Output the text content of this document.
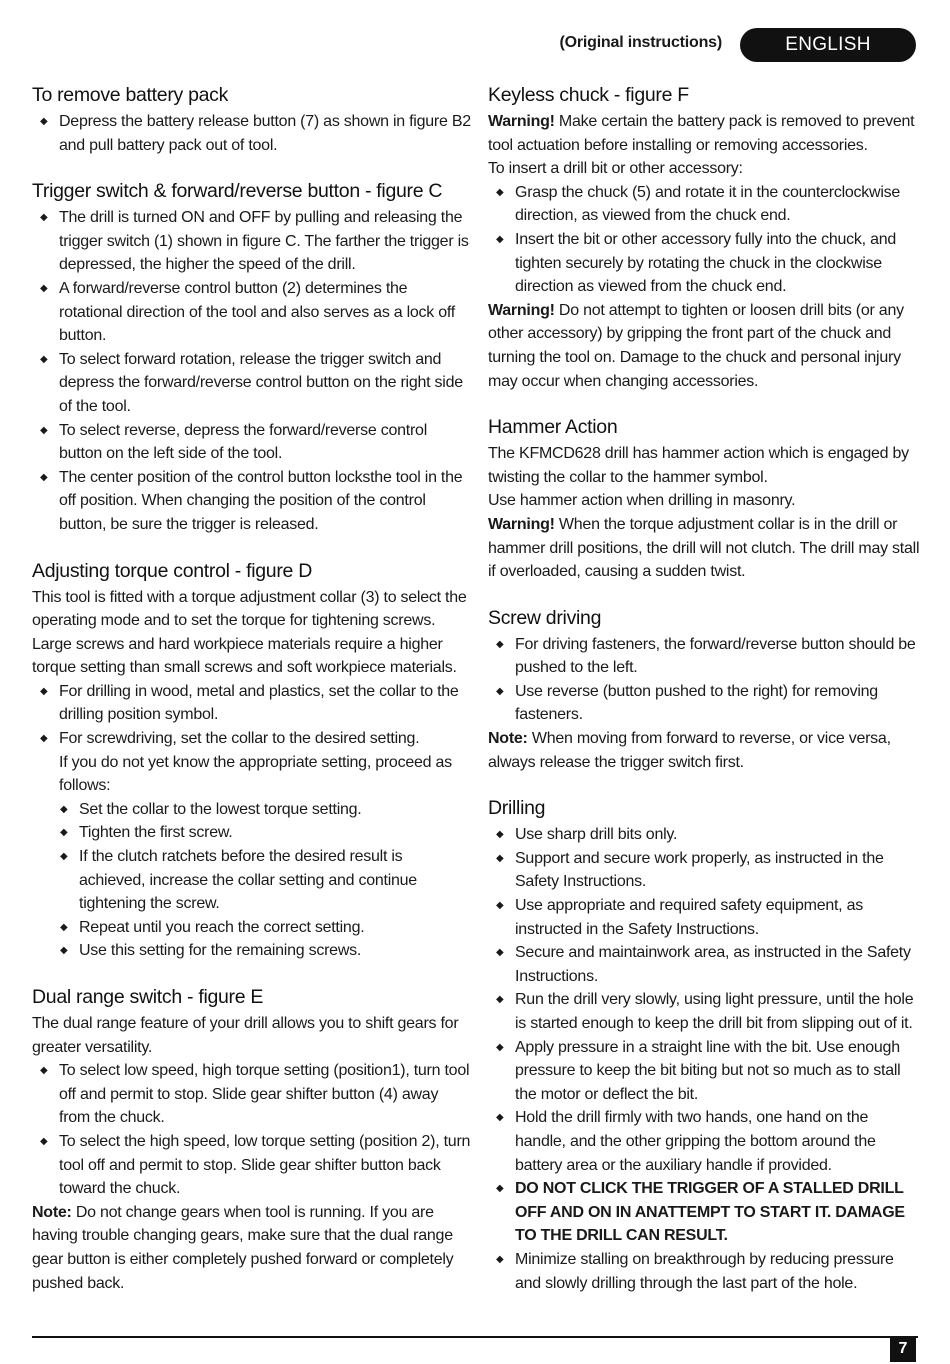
(Original instructions)	ENGLISH
To remove battery pack
◆ Depress the battery release button (7) as shown in figure B2 and pull battery pack out of tool.
Trigger switch & forward/reverse button - figure C
◆ The drill is turned ON and OFF by pulling and releasing the trigger switch (1) shown in figure C. The farther the trigger is depressed, the higher the speed of the drill.
◆ A forward/reverse control button (2) determines the rotational direction of the tool and also serves as a lock off button.
◆ To select forward rotation, release the trigger switch and depress the forward/reverse control button on the right side of the tool.
◆ To select reverse, depress the forward/reverse control button on the left side of the tool.
◆ The center position of the control button locksthe tool in the off position. When changing the position of the control button, be sure the trigger is released.
Adjusting torque control - figure D

This tool is fitted with a torque adjustment collar (3) to select the operating mode and to set the torque for tightening screws. Large screws and hard workpiece materials require a higher torque setting than small screws and soft workpiece materials.

◆ For drilling in wood, metal and plastics, set the collar to the drilling position symbol.
◆ For screwdriving, set the collar to the desired setting.
If you do not yet know the appropriate setting, proceed as follows:
◆ Set the collar to the lowest torque setting.
◆ Tighten the first screw.
◆ If the clutch ratchets before the desired result is achieved, increase the collar setting and continue tightening the screw.
◆ Repeat until you reach the correct setting.
◆ Use this setting for the remaining screws.
Dual range switch - figure E

The dual range feature of your drill allows you to shift gears for greater versatility.

◆ To select low speed, high torque setting (position1), turn tool off and permit to stop. Slide gear shifter button (4) away from the chuck.
◆ To select the high speed, low torque setting (position 2), turn tool off and permit to stop. Slide gear shifter button back toward the chuck.

Note: Do not change gears when tool is running. If you are having trouble changing gears, make sure that the dual range gear button is either completely pushed forward or completely pushed back.

Keyless chuck - figure F

Warning! Make certain the battery pack is removed to prevent tool actuation before installing or removing accessories.

To insert a drill bit or other accessory:

◆ Grasp the chuck (5) and rotate it in the counterclockwise direction, as viewed from the chuck end.
◆ Insert the bit or other accessory fully into the chuck, and tighten securely by rotating the chuck in the clockwise direction as viewed from the chuck end.

Warning! Do not attempt to tighten or loosen drill bits (or any other accessory) by gripping the front part of the chuck and turning the tool on. Damage to the chuck and personal injury may occur when changing accessories.

Hammer Action

The KFMCD628 drill has hammer action which is engaged by twisting the collar to the hammer symbol.

Use hammer action when drilling in masonry.

Warning! When the torque adjustment collar is in the drill or hammer drill positions, the drill will not clutch. The drill may stall if overloaded, causing a sudden twist.

Screw driving
◆ For driving fasteners, the forward/reverse button should be pushed to the left.
◆ Use reverse (button pushed to the right) for removing fasteners.

Note: When moving from forward to reverse, or vice versa, always release the trigger switch first.

Drilling
◆ Use sharp drill bits only.
◆ Support and secure work properly, as instructed in the Safety Instructions.
◆ Use appropriate and required safety equipment, as instructed in the Safety Instructions.
◆ Secure and maintainwork area, as instructed in the Safety Instructions.
◆ Run the drill very slowly, using light pressure, until the hole is started enough to keep the drill bit from slipping out of it.
◆ Apply pressure in a straight line with the bit. Use enough pressure to keep the bit biting but not so much as to stall the motor or deflect the bit.
◆ Hold the drill firmly with two hands, one hand on the handle, and the other gripping the bottom around the battery area or the auxiliary handle if provided.
◆ DO NOT CLICK THE TRIGGER OF A STALLED DRILL OFF AND ON IN ANATTEMPT TO START IT. DAMAGE TO THE DRILL CAN RESULT.
◆ Minimize stalling on breakthrough by reducing pressure and slowly drilling through the last part of the hole.
7
